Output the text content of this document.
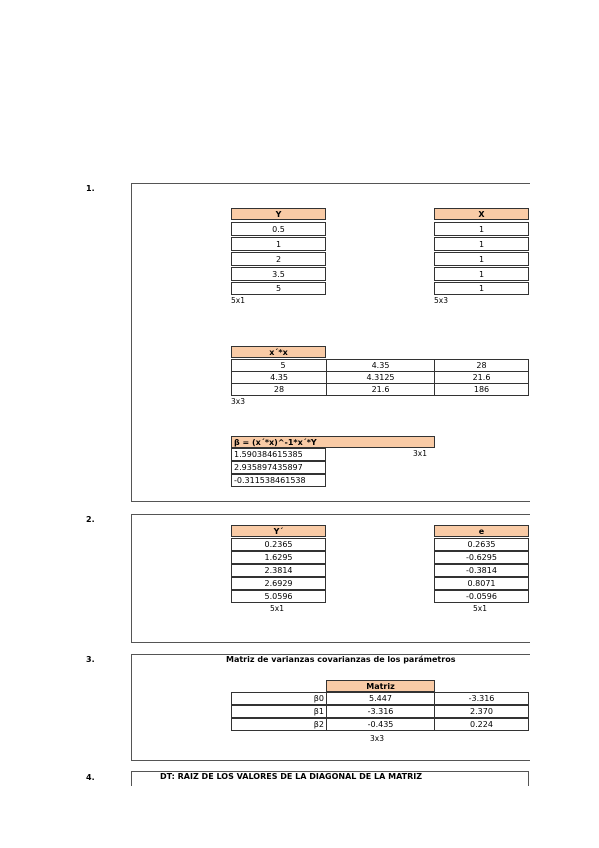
1.
Y
0.5
1
2
3.5
5
5x1
X
1
1
1
1
1
5x3
x´*x
5	4.35	28
4.35	4.3125	21.6
28	21.6	186
3x3
β = (x´*x)^-1*x´*Y
1.590384615385
2.935897435897
-0.311538461538
3x1
2.
Y´
0.2365
1.6295
2.3814
2.6929
5.0596
5x1
e
0.2635
-0.6295
-0.3814
0.8071
-0.0596
5x1
3.	Matriz de varianzas covarianzas de los parámetros
Matriz
β0	5.447	-3.316
β1	-3.316	2.370
β2	-0.435	0.224
3x3
4.	DT: RAIZ DE LOS VALORES DE LA DIAGONAL DE LA MATRIZ
